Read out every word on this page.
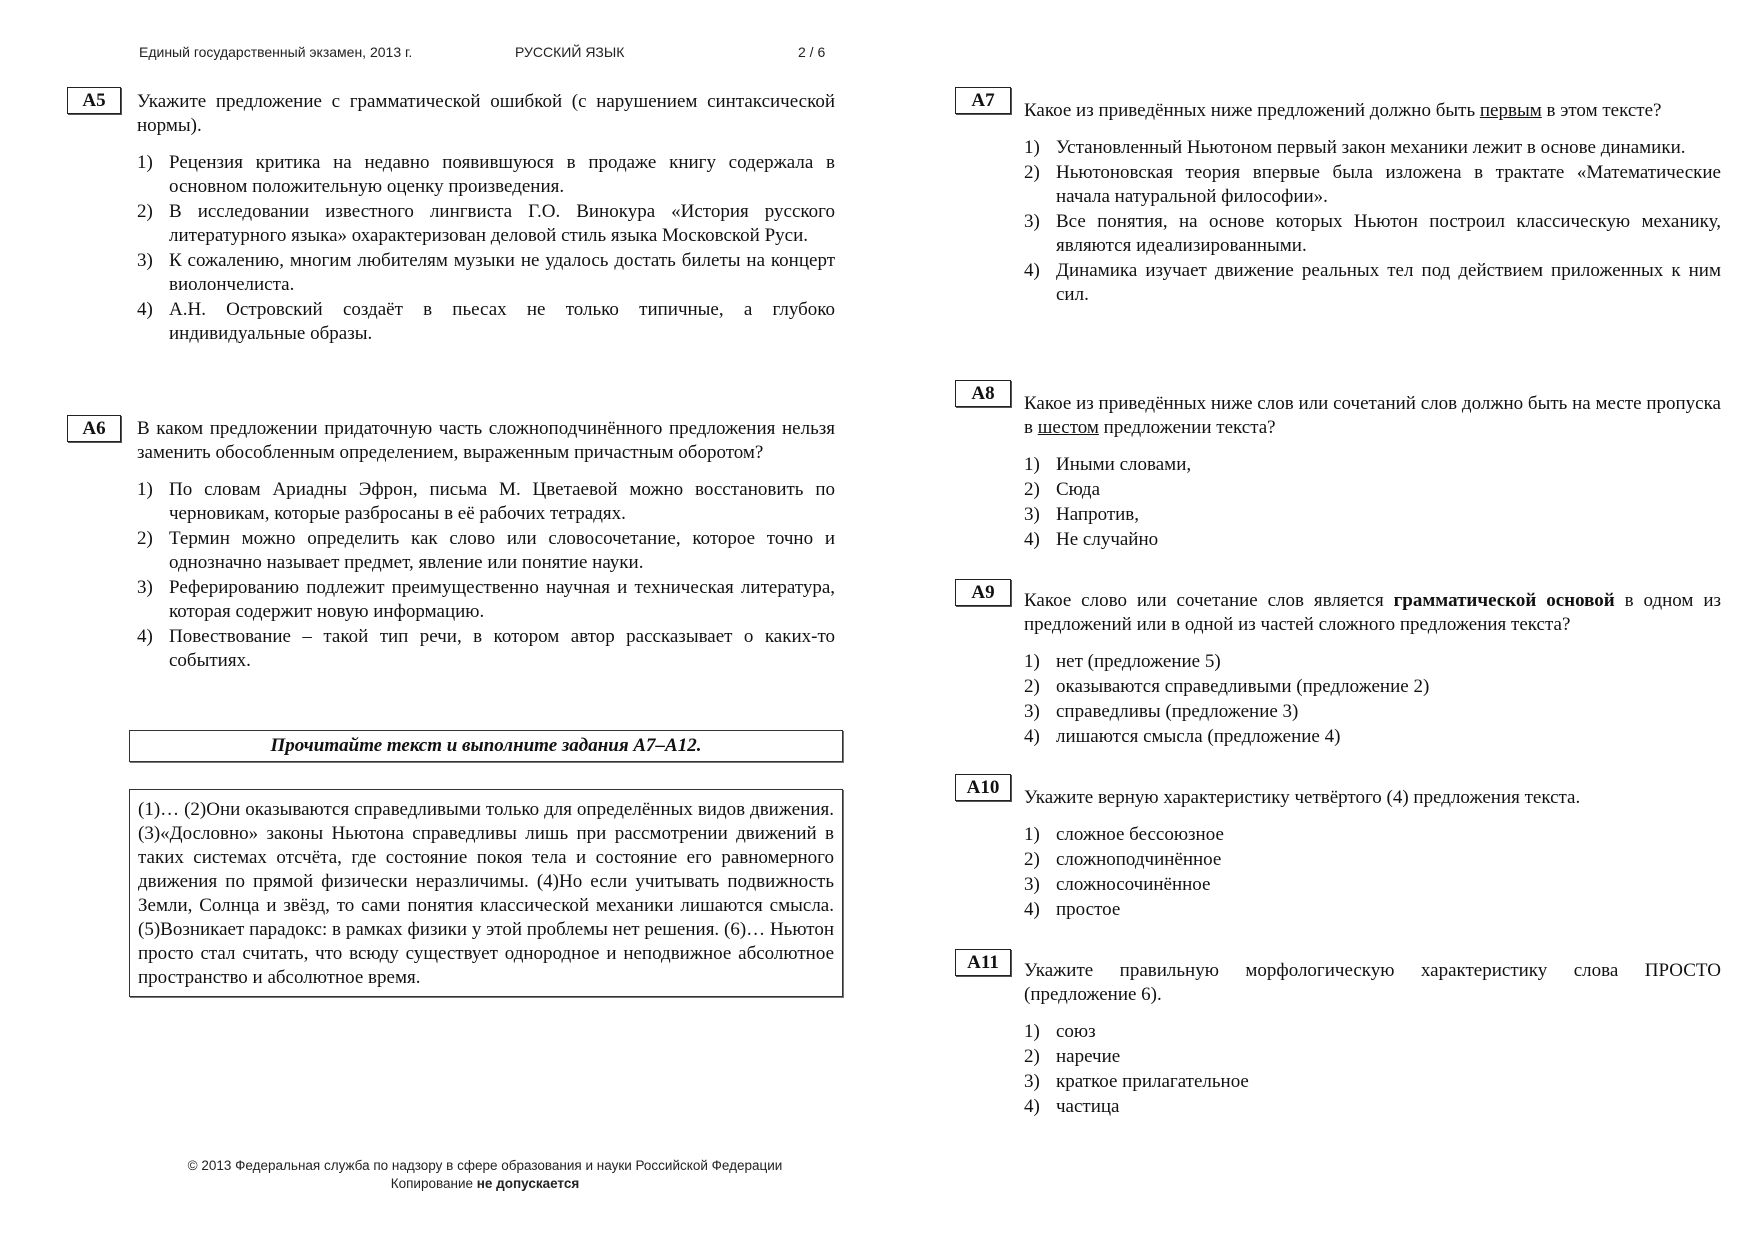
Единый государственный экзамен, 2013 г.	РУССКИЙ ЯЗЫК	2 / 6
A5	Укажите предложение с грамматической ошибкой (с нарушением синтаксической нормы).
1) Рецензия критика на недавно появившуюся в продаже книгу содержала в основном положительную оценку произведения.
2) В исследовании известного лингвиста Г.О. Винокура «История русского литературного языка» охарактеризован деловой стиль языка Московской Руси.
3) К сожалению, многим любителям музыки не удалось достать билеты на концерт виолончелиста.
4) А.Н. Островский создаёт в пьесах не только типичные, а глубоко индивидуальные образы.
A6	В каком предложении придаточную часть сложноподчинённого предложения нельзя заменить обособленным определением, выраженным причастным оборотом?
1) По словам Ариадны Эфрон, письма М. Цветаевой можно восстановить по черновикам, которые разбросаны в её рабочих тетрадях.
2) Термин можно определить как слово или словосочетание, которое точно и однозначно называет предмет, явление или понятие науки.
3) Реферированию подлежит преимущественно научная и техническая литература, которая содержит новую информацию.
4) Повествование – такой тип речи, в котором автор рассказывает о каких-то событиях.
Прочитайте текст и выполните задания А7–А12.
(1)… (2)Они оказываются справедливыми только для определённых видов движения. (3)«Дословно» законы Ньютона справедливы лишь при рассмотрении движений в таких системах отсчёта, где состояние покоя тела и состояние его равномерного движения по прямой физически неразличимы. (4)Но если учитывать подвижность Земли, Солнца и звёзд, то сами понятия классической механики лишаются смысла. (5)Возникает парадокс: в рамках физики у этой проблемы нет решения. (6)… Ньютон просто стал считать, что всюду существует однородное и неподвижное абсолютное пространство и абсолютное время.
A7	Какое из приведённых ниже предложений должно быть первым в этом тексте?
1) Установленный Ньютоном первый закон механики лежит в основе динамики.
2) Ньютоновская теория впервые была изложена в трактате «Математические начала натуральной философии».
3) Все понятия, на основе которых Ньютон построил классическую механику, являются идеализированными.
4) Динамика изучает движение реальных тел под действием приложенных к ним сил.
A8	Какое из приведённых ниже слов или сочетаний слов должно быть на месте пропуска в шестом предложении текста?
1) Иными словами,
2) Сюда
3) Напротив,
4) Не случайно
A9	Какое слово или сочетание слов является грамматической основой в одном из предложений или в одной из частей сложного предложения текста?
1) нет (предложение 5)
2) оказываются справедливыми (предложение 2)
3) справедливы (предложение 3)
4) лишаются смысла (предложение 4)
A10	Укажите верную характеристику четвёртого (4) предложения текста.
1) сложное бессоюзное
2) сложноподчинённое
3) сложносочинённое
4) простое
A11	Укажите правильную морфологическую характеристику слова ПРОСТО (предложение 6).
1) союз
2) наречие
3) краткое прилагательное
4) частица
© 2013 Федеральная служба по надзору в сфере образования и науки Российской Федерации
Копирование не допускается
